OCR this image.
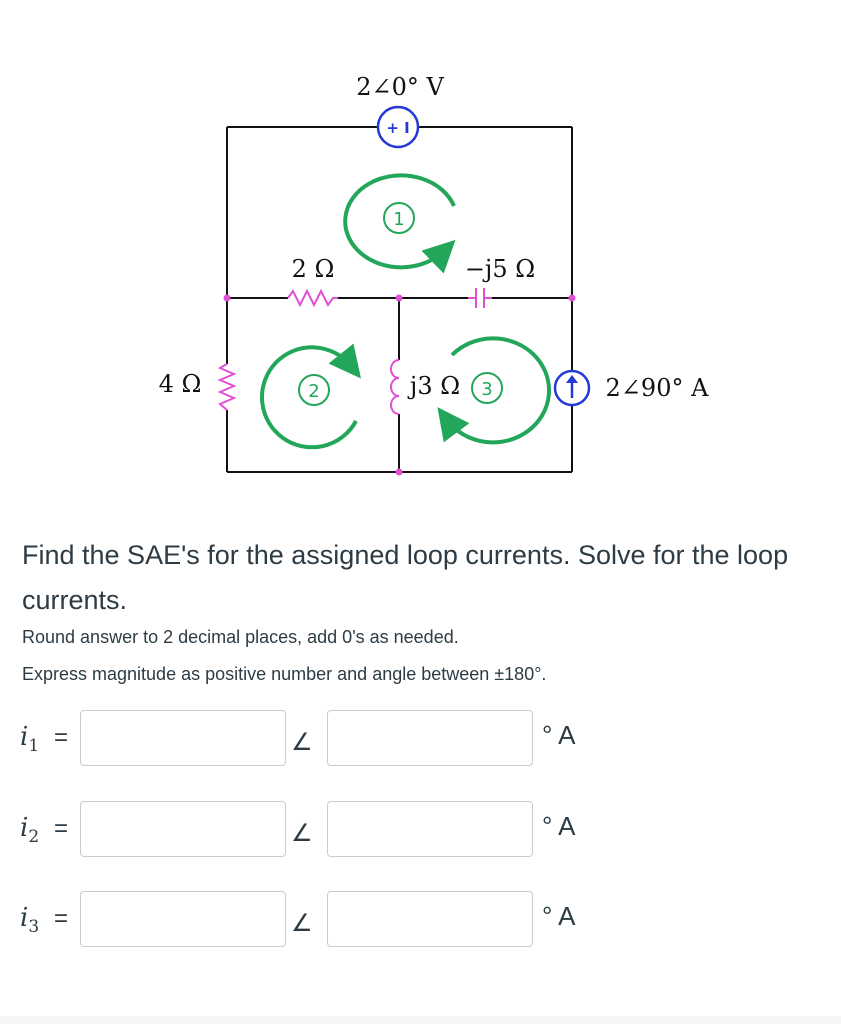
+ I
2∠0° V
2 Ω	−j5 Ω
4 Ω	j3 Ω	2∠90° A
1
2	3
Find the SAE's for the assigned loop currents. Solve for the loop currents.
Round answer to 2 decimal places, add 0's as needed.
Express magnitude as positive number and angle between ±180°.
$i_1$ =	∠	° A
$i_2$ =	∠	° A
$i_3$ =	∠	° A
